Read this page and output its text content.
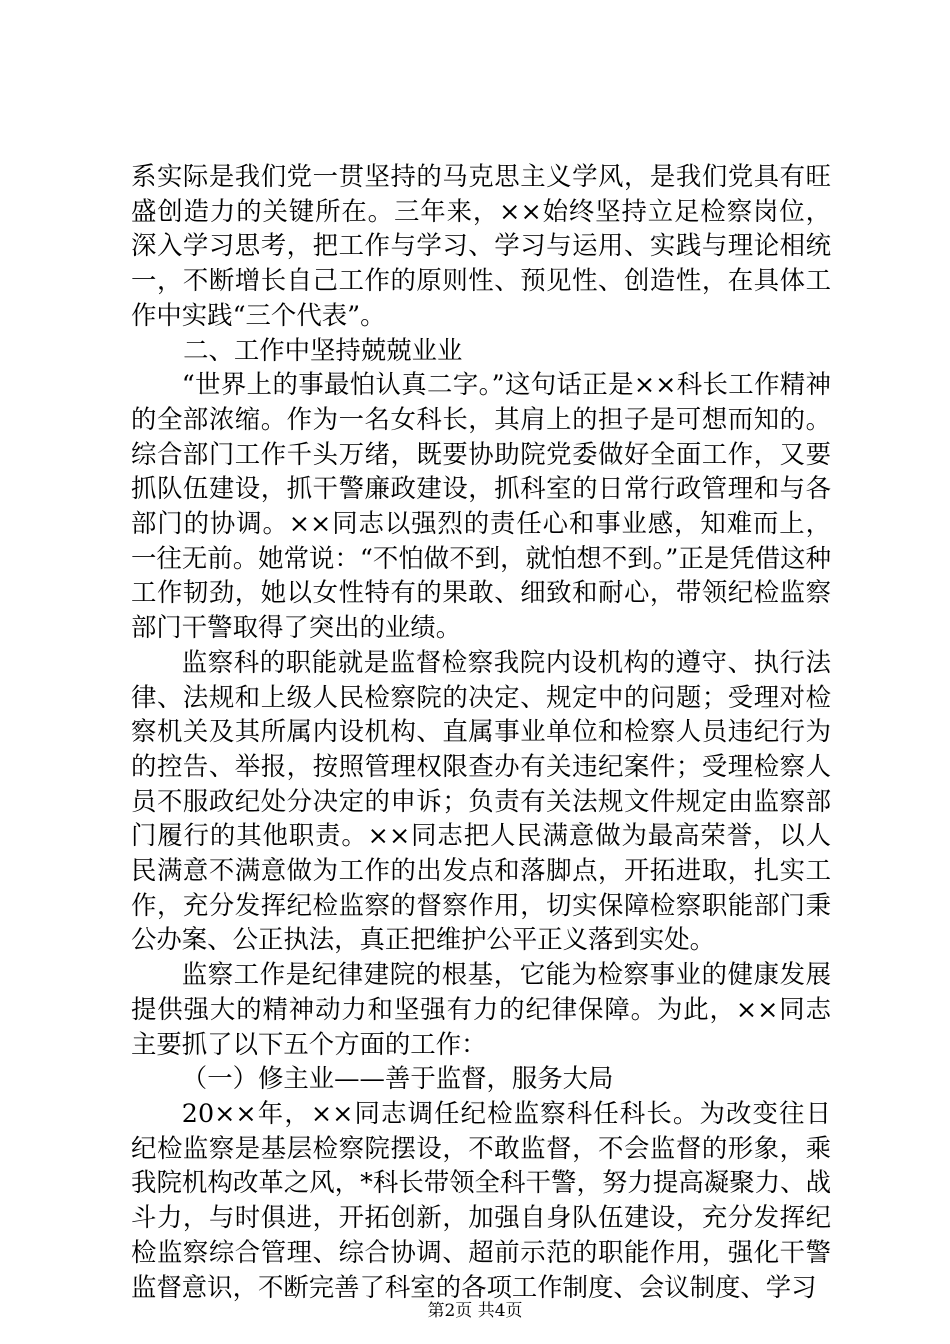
系实际是我们党一贯坚持的马克思主义学风，是我们党具有旺盛创造力的关键所在。三年来，××始终坚持立足检察岗位，深入学习思考，把工作与学习、学习与运用、实践与理论相统一，不断增长自己工作的原则性、预见性、创造性，在具体工作中实践“三个代表”。

二、工作中坚持兢兢业业

“世界上的事最怕认真二字。”这句话正是××科长工作精神的全部浓缩。作为一名女科长，其肩上的担子是可想而知的。综合部门工作千头万绪，既要协助院党委做好全面工作，又要抓队伍建设，抓干警廉政建设，抓科室的日常行政管理和与各部门的协调。××同志以强烈的责任心和事业感，知难而上，一往无前。她常说：“不怕做不到，就怕想不到。”正是凭借这种工作韧劲，她以女性特有的果敢、细致和耐心，带领纪检监察部门干警取得了突出的业绩。

监察科的职能就是监督检察我院内设机构的遵守、执行法律、法规和上级人民检察院的决定、规定中的问题；受理对检察机关及其所属内设机构、直属事业单位和检察人员违纪行为的控告、举报，按照管理权限查办有关违纪案件；受理检察人员不服政纪处分决定的申诉；负责有关法规文件规定由监察部门履行的其他职责。××同志把人民满意做为最高荣誉，以人民满意不满意做为工作的出发点和落脚点，开拓进取，扎实工作，充分发挥纪检监察的督察作用，切实保障检察职能部门秉公办案、公正执法，真正把维护公平正义落到实处。

监察工作是纪律建院的根基，它能为检察事业的健康发展提供强大的精神动力和坚强有力的纪律保障。为此，××同志主要抓了以下五个方面的工作：

（一）修主业——善于监督，服务大局

20××年，××同志调任纪检监察科任科长。为改变往日纪检监察是基层检察院摆设，不敢监督，不会监督的形象，乘我院机构改革之风，*科长带领全科干警，努力提高凝聚力、战斗力，与时俱进，开拓创新，加强自身队伍建设，充分发挥纪检监察综合管理、综合协调、超前示范的职能作用，强化干警监督意识，不断完善了科室的各项工作制度、会议制度、学习

第2页 共4页
